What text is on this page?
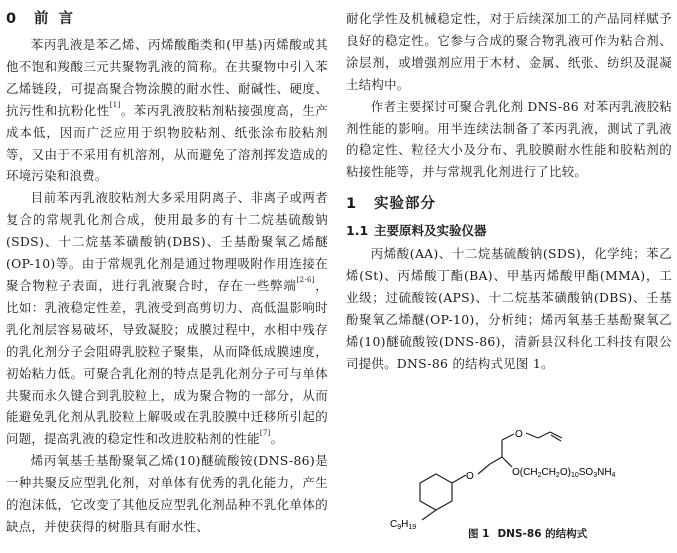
0 前言

苯丙乳液是苯乙烯、丙烯酸酯类和(甲基)丙烯酸或其他不饱和羧酸三元共聚物乳液的简称。在共聚物中引入苯乙烯链段，可提高聚合物涂膜的耐水性、耐碱性、硬度、抗污性和抗粉化性[1]。苯丙乳液胶粘剂粘接强度高，生产成本低，因而广泛应用于织物胶粘剂、纸张涂布胶粘剂等，又由于不采用有机溶剂，从而避免了溶剂挥发造成的环境污染和浪费。

目前苯丙乳液胶粘剂大多采用阴离子、非离子或两者复合的常规乳化剂合成，使用最多的有十二烷基硫酸钠(SDS)、十二烷基苯磺酸钠(DBS)、壬基酚聚氧乙烯醚(OP-10)等。由于常规乳化剂是通过物理吸附作用连接在聚合物粒子表面，进行乳液聚合时，存在一些弊端[2-6]，比如：乳液稳定性差，乳液受到高剪切力、高低温影响时乳化剂层容易破坏，导致凝胶；成膜过程中，水相中残存的乳化剂分子会阻碍乳胶粒子聚集，从而降低成膜速度，初始粘力低。可聚合乳化剂的特点是乳化剂分子可与单体共聚而永久键合到乳胶粒上，成为聚合物的一部分，从而能避免乳化剂从乳胶粒上解吸或在乳胶膜中迁移所引起的问题，提高乳液的稳定性和改进胶粘剂的性能[7]。

烯丙氧基壬基酚聚氧乙烯(10)醚硫酸铵(DNS-86)是一种共聚反应型乳化剂，对单体有优秀的乳化能力，产生的泡沫低，它改变了其他反应型乳化剂品种不乳化单体的缺点，并使获得的树脂具有耐水性、

耐化学性及机械稳定性，对于后续深加工的产品同样赋予良好的稳定性。它参与合成的聚合物乳液可作为粘合剂、涂层剂，或增强剂应用于木材、金属、纸张、纺织及混凝土结构中。

作者主要探讨可聚合乳化剂 DNS-86 对苯丙乳液胶粘剂性能的影响。用半连续法制备了苯丙乳液，测试了乳液的稳定性、粒径大小及分布、乳胶膜耐水性能和胶粘剂的粘接性能等，并与常规乳化剂进行了比较。

1 实验部分
1.1 主要原料及实验仪器

丙烯酸(AA)、十二烷基硫酸钠(SDS)，化学纯；苯乙烯(St)、丙烯酸丁酯(BA)、甲基丙烯酸甲酯(MMA)，工业级；过硫酸铵(APS)、十二烷基苯磺酸钠(DBS)、壬基酚聚氧乙烯醚(OP-10)，分析纯；烯丙氧基壬基酚聚氧乙烯(10)醚硫酸铵(DNS-86)，清新县汉科化工科技有限公司提供。DNS-86 的结构式见图 1。

O
O
$O(CH_2CH_2O)_{10}SO_3NH_4$
$C_9H_{19}$
图 1 DNS-86 的结构式
